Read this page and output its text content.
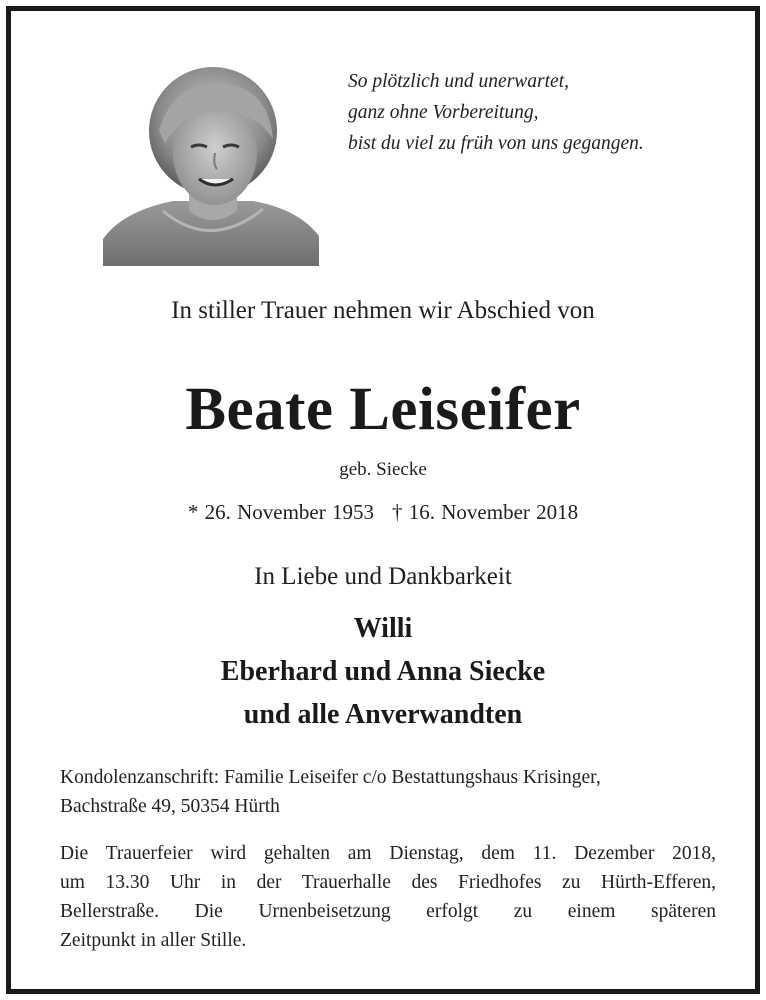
So plötzlich und unerwartet,
ganz ohne Vorbereitung,
bist du viel zu früh von uns gegangen.
In stiller Trauer nehmen wir Abschied von
Beate Leiseifer
geb. Siecke
* 26. November 1953 † 16. November 2018
In Liebe und Dankbarkeit
Willi
Eberhard und Anna Siecke
und alle Anverwandten
Kondolenzanschrift: Familie Leiseifer c/o Bestattungshaus Krisinger,
Bachstraße 49, 50354 Hürth
Die Trauerfeier wird gehalten am Dienstag, dem 11. Dezember 2018,
um 13.30 Uhr in der Trauerhalle des Friedhofes zu Hürth-Efferen,
Bellerstraße. Die Urnenbeisetzung erfolgt zu einem späteren
Zeitpunkt in aller Stille.
